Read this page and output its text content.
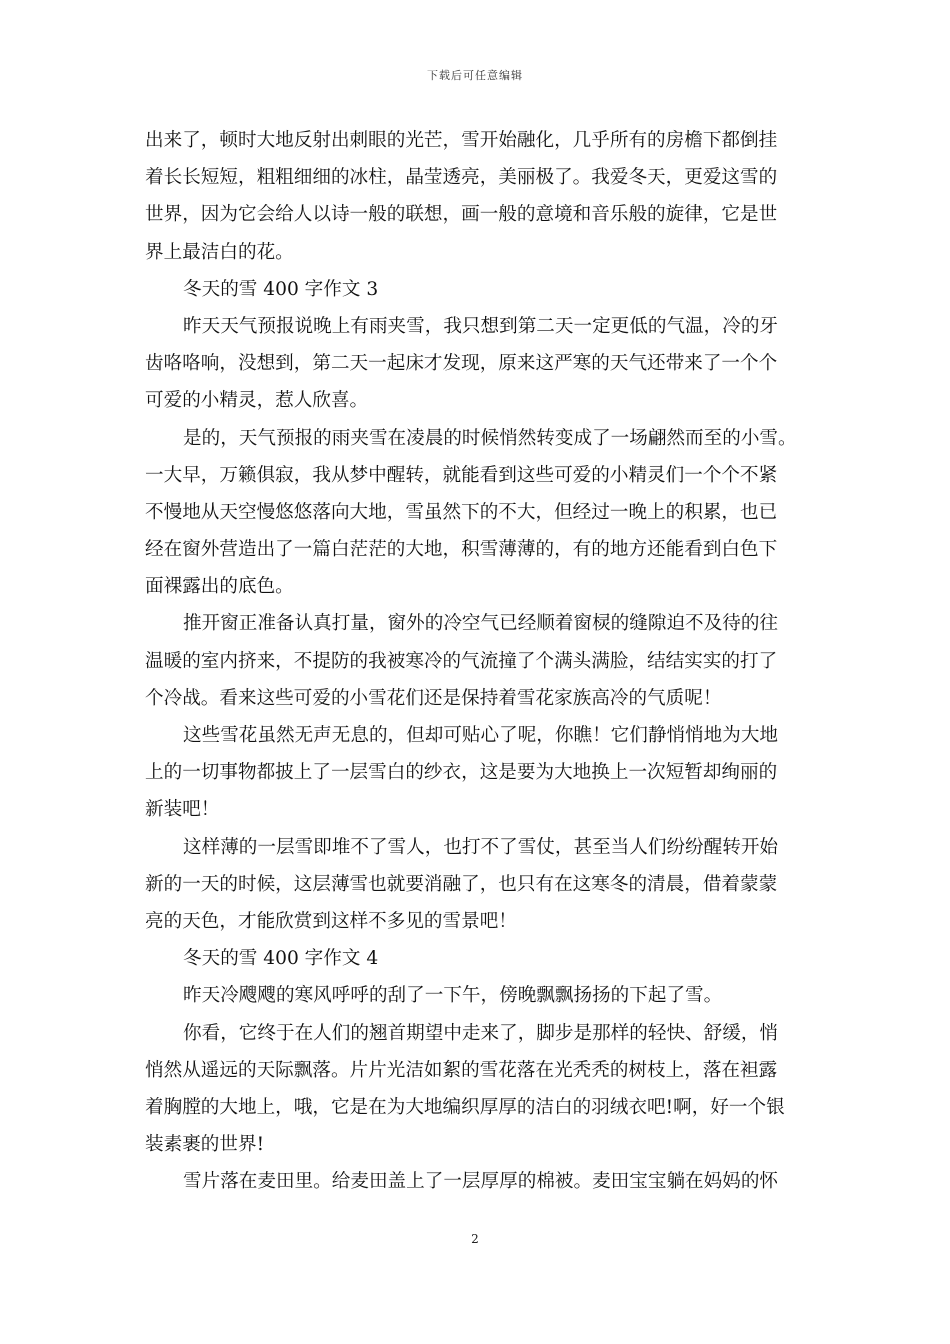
下载后可任意编辑
出来了，顿时大地反射出刺眼的光芒，雪开始融化，几乎所有的房檐下都倒挂
着长长短短，粗粗细细的冰柱，晶莹透亮，美丽极了。我爱冬天，更爱这雪的
世界，因为它会给人以诗一般的联想，画一般的意境和音乐般的旋律，它是世
界上最洁白的花。
冬天的雪 400 字作文 3
昨天天气预报说晚上有雨夹雪，我只想到第二天一定更低的气温，冷的牙
齿咯咯响，没想到，第二天一起床才发现，原来这严寒的天气还带来了一个个
可爱的小精灵，惹人欣喜。
是的，天气预报的雨夹雪在凌晨的时候悄然转变成了一场翩然而至的小雪。
一大早，万籁俱寂，我从梦中醒转，就能看到这些可爱的小精灵们一个个不紧
不慢地从天空慢悠悠落向大地，雪虽然下的不大，但经过一晚上的积累，也已
经在窗外营造出了一篇白茫茫的大地，积雪薄薄的，有的地方还能看到白色下
面裸露出的底色。
推开窗正准备认真打量，窗外的冷空气已经顺着窗棂的缝隙迫不及待的往
温暖的室内挤来，不提防的我被寒冷的气流撞了个满头满脸，结结实实的打了
个冷战。看来这些可爱的小雪花们还是保持着雪花家族高冷的气质呢！
这些雪花虽然无声无息的，但却可贴心了呢，你瞧！它们静悄悄地为大地
上的一切事物都披上了一层雪白的纱衣，这是要为大地换上一次短暂却绚丽的
新装吧！
这样薄的一层雪即堆不了雪人，也打不了雪仗，甚至当人们纷纷醒转开始
新的一天的时候，这层薄雪也就要消融了，也只有在这寒冬的清晨，借着蒙蒙
亮的天色，才能欣赏到这样不多见的雪景吧！
冬天的雪 400 字作文 4
昨天冷飕飕的寒风呼呼的刮了一下午，傍晚飘飘扬扬的下起了雪。
你看，它终于在人们的翘首期望中走来了，脚步是那样的轻快、舒缓，悄
悄然从遥远的天际飘落。片片光洁如絮的雪花落在光秃秃的树枝上，落在袒露
着胸膛的大地上，哦，它是在为大地编织厚厚的洁白的羽绒衣吧!啊，好一个银
装素裹的世界!
雪片落在麦田里。给麦田盖上了一层厚厚的棉被。麦田宝宝躺在妈妈的怀
2
